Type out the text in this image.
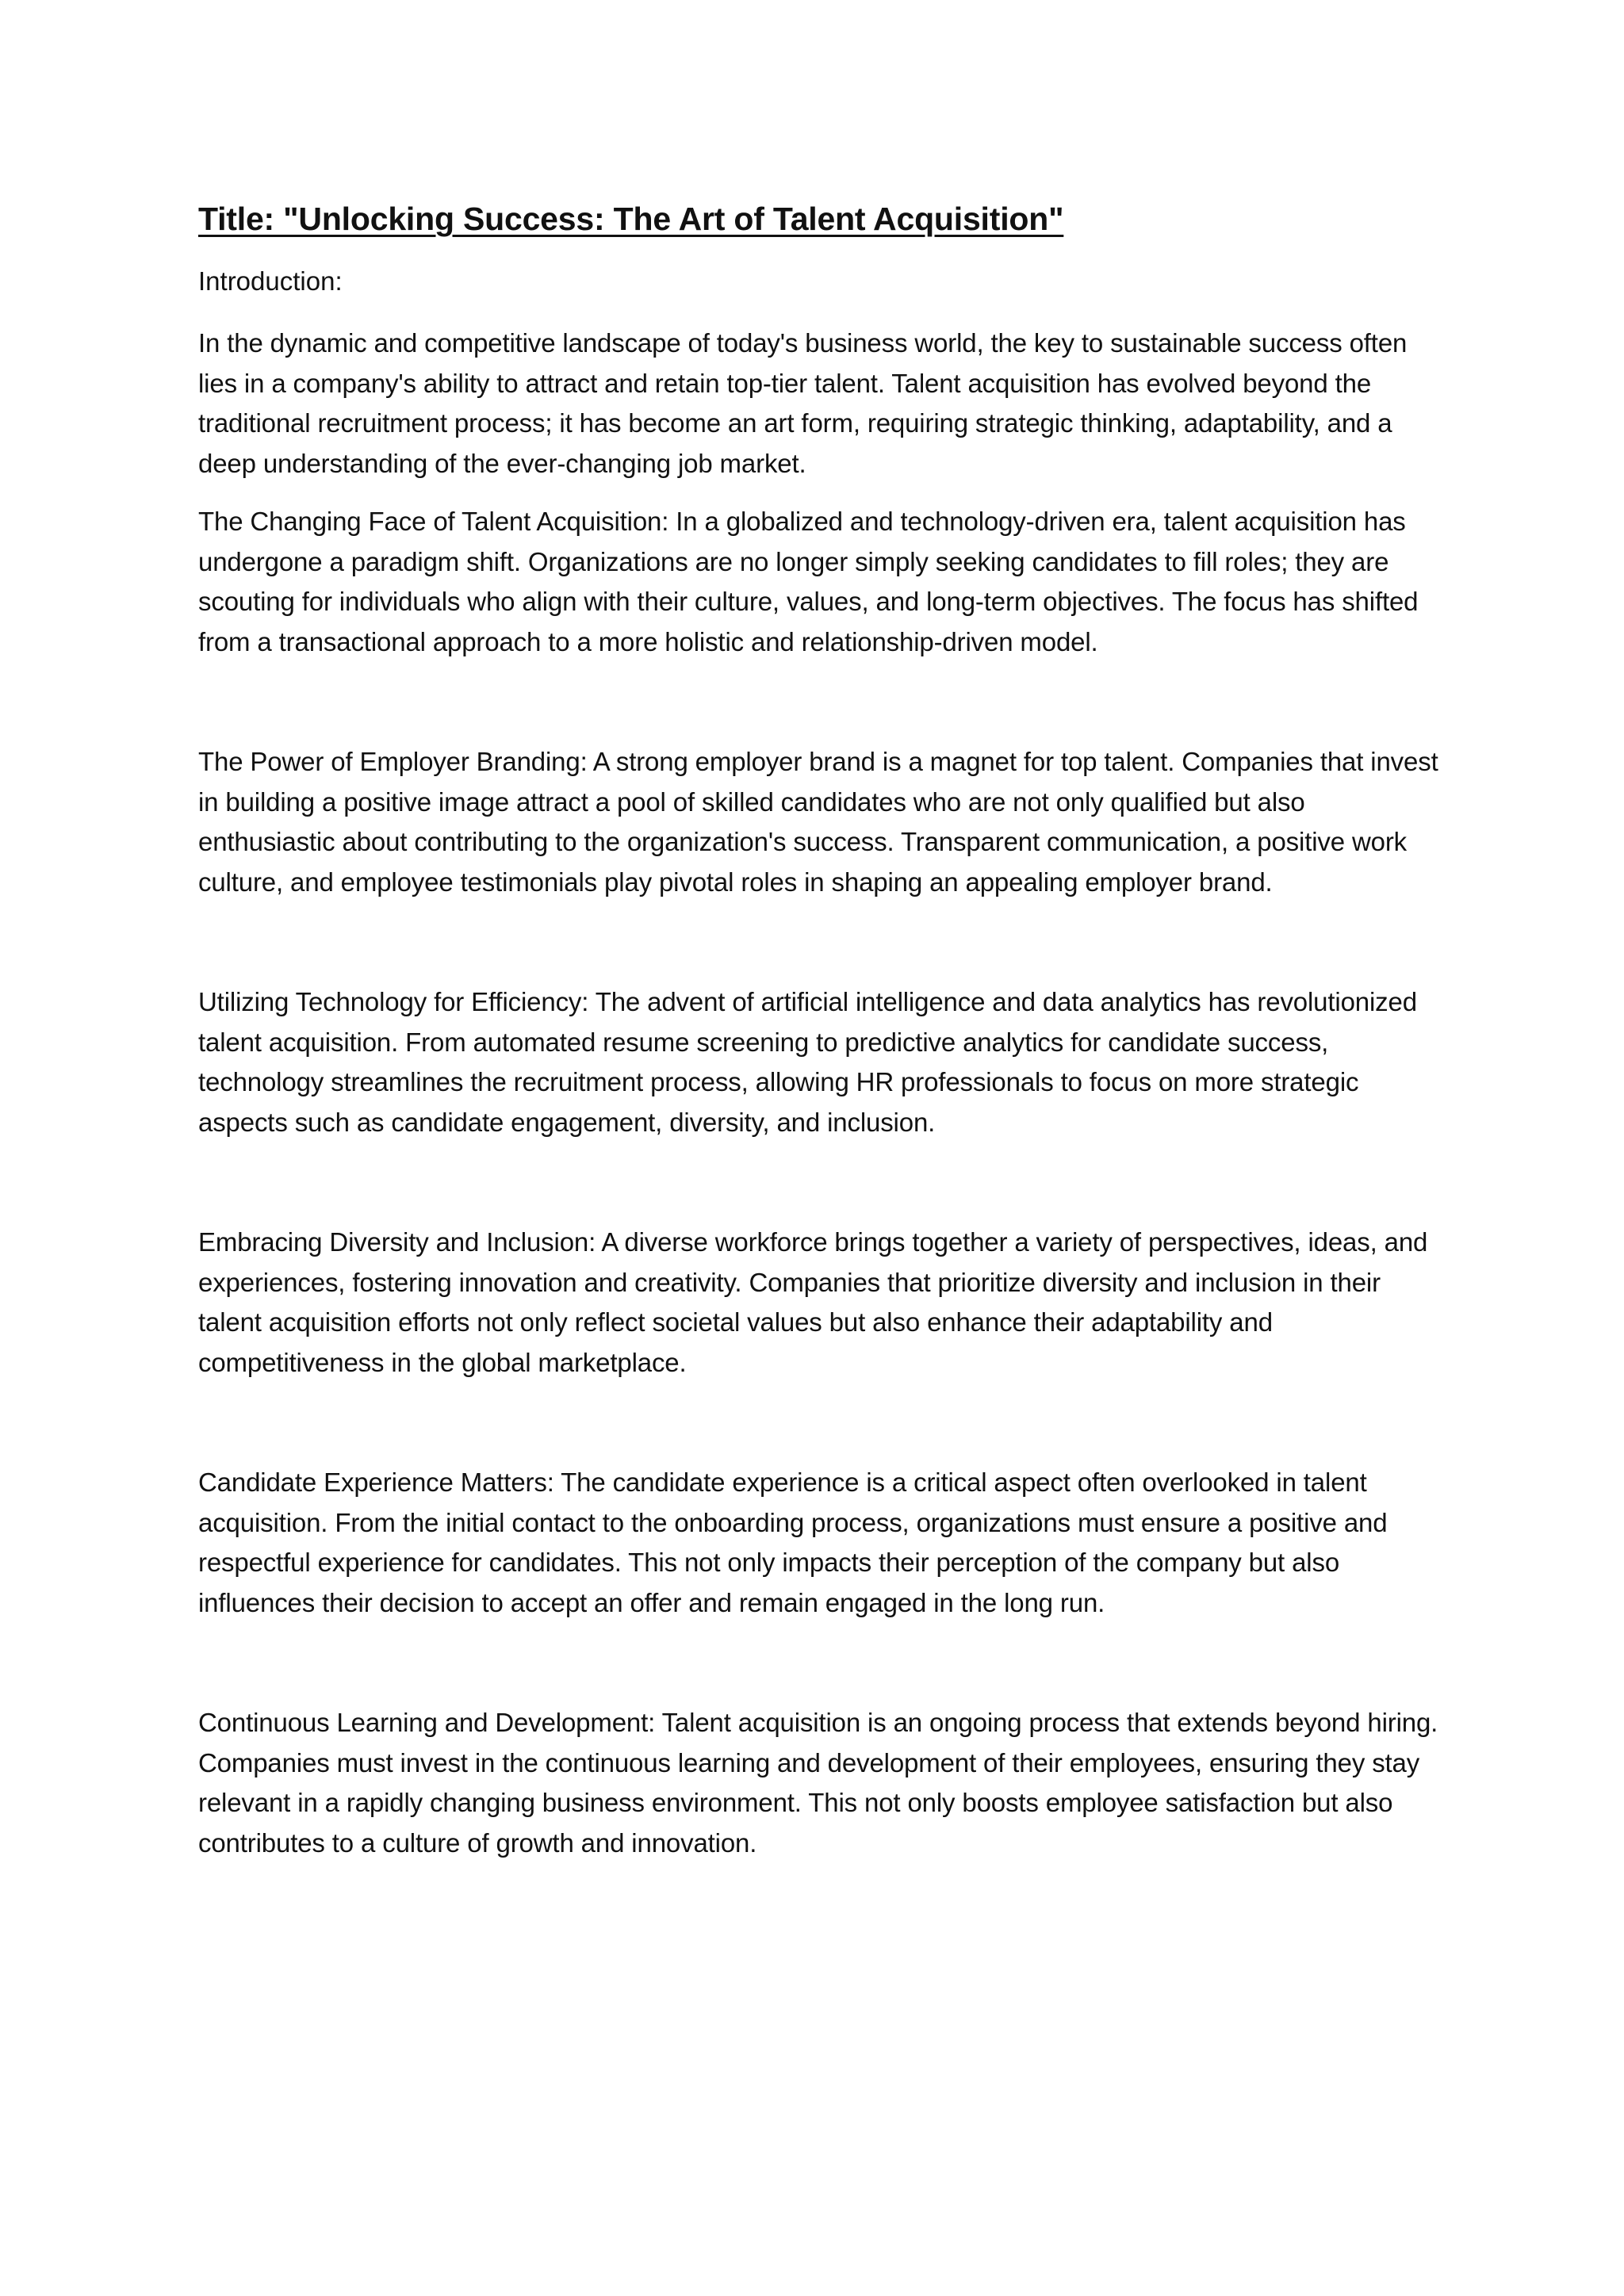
Title: "Unlocking Success: The Art of Talent Acquisition"

Introduction:

In the dynamic and competitive landscape of today's business world, the key to sustainable success often lies in a company's ability to attract and retain top-tier talent. Talent acquisition has evolved beyond the traditional recruitment process; it has become an art form, requiring strategic thinking, adaptability, and a deep understanding of the ever-changing job market.

The Changing Face of Talent Acquisition: In a globalized and technology-driven era, talent acquisition has undergone a paradigm shift. Organizations are no longer simply seeking candidates to fill roles; they are scouting for individuals who align with their culture, values, and long-term objectives. The focus has shifted from a transactional approach to a more holistic and relationship-driven model.

The Power of Employer Branding: A strong employer brand is a magnet for top talent. Companies that invest in building a positive image attract a pool of skilled candidates who are not only qualified but also enthusiastic about contributing to the organization's success. Transparent communication, a positive work culture, and employee testimonials play pivotal roles in shaping an appealing employer brand.

Utilizing Technology for Efficiency: The advent of artificial intelligence and data analytics has revolutionized talent acquisition. From automated resume screening to predictive analytics for candidate success, technology streamlines the recruitment process, allowing HR professionals to focus on more strategic aspects such as candidate engagement, diversity, and inclusion.

Embracing Diversity and Inclusion: A diverse workforce brings together a variety of perspectives, ideas, and experiences, fostering innovation and creativity. Companies that prioritize diversity and inclusion in their talent acquisition efforts not only reflect societal values but also enhance their adaptability and competitiveness in the global marketplace.

Candidate Experience Matters: The candidate experience is a critical aspect often overlooked in talent acquisition. From the initial contact to the onboarding process, organizations must ensure a positive and respectful experience for candidates. This not only impacts their perception of the company but also influences their decision to accept an offer and remain engaged in the long run.

Continuous Learning and Development: Talent acquisition is an ongoing process that extends beyond hiring. Companies must invest in the continuous learning and development of their employees, ensuring they stay relevant in a rapidly changing business environment. This not only boosts employee satisfaction but also contributes to a culture of growth and innovation.
